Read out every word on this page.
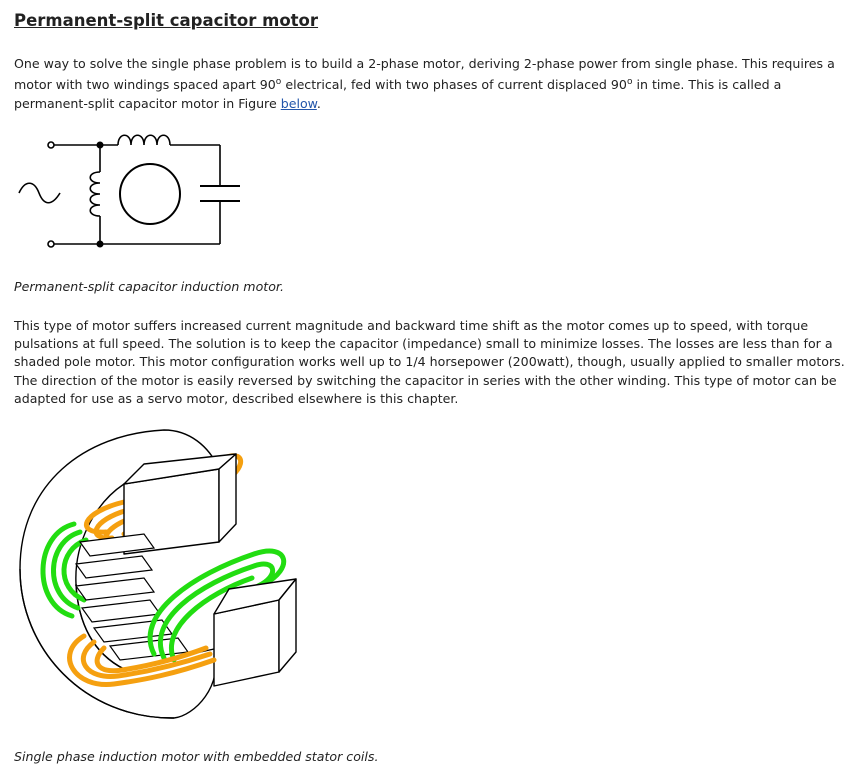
Permanent-split capacitor motor

One way to solve the single phase problem is to build a 2-phase motor, deriving 2-phase power from single phase. This requires a motor with two windings spaced apart 90$^o$ electrical, fed with two phases of current displaced 90$^o$ in time. This is called a permanent-split capacitor motor in Figure below.

Permanent-split capacitor induction motor.

This type of motor suffers increased current magnitude and backward time shift as the motor comes up to speed, with torque pulsations at full speed. The solution is to keep the capacitor (impedance) small to minimize losses. The losses are less than for a shaded pole motor. This motor configuration works well up to 1/4 horsepower (200watt), though, usually applied to smaller motors. The direction of the motor is easily reversed by switching the capacitor in series with the other winding. This type of motor can be adapted for use as a servo motor, described elsewhere is this chapter.

Single phase induction motor with embedded stator coils.
